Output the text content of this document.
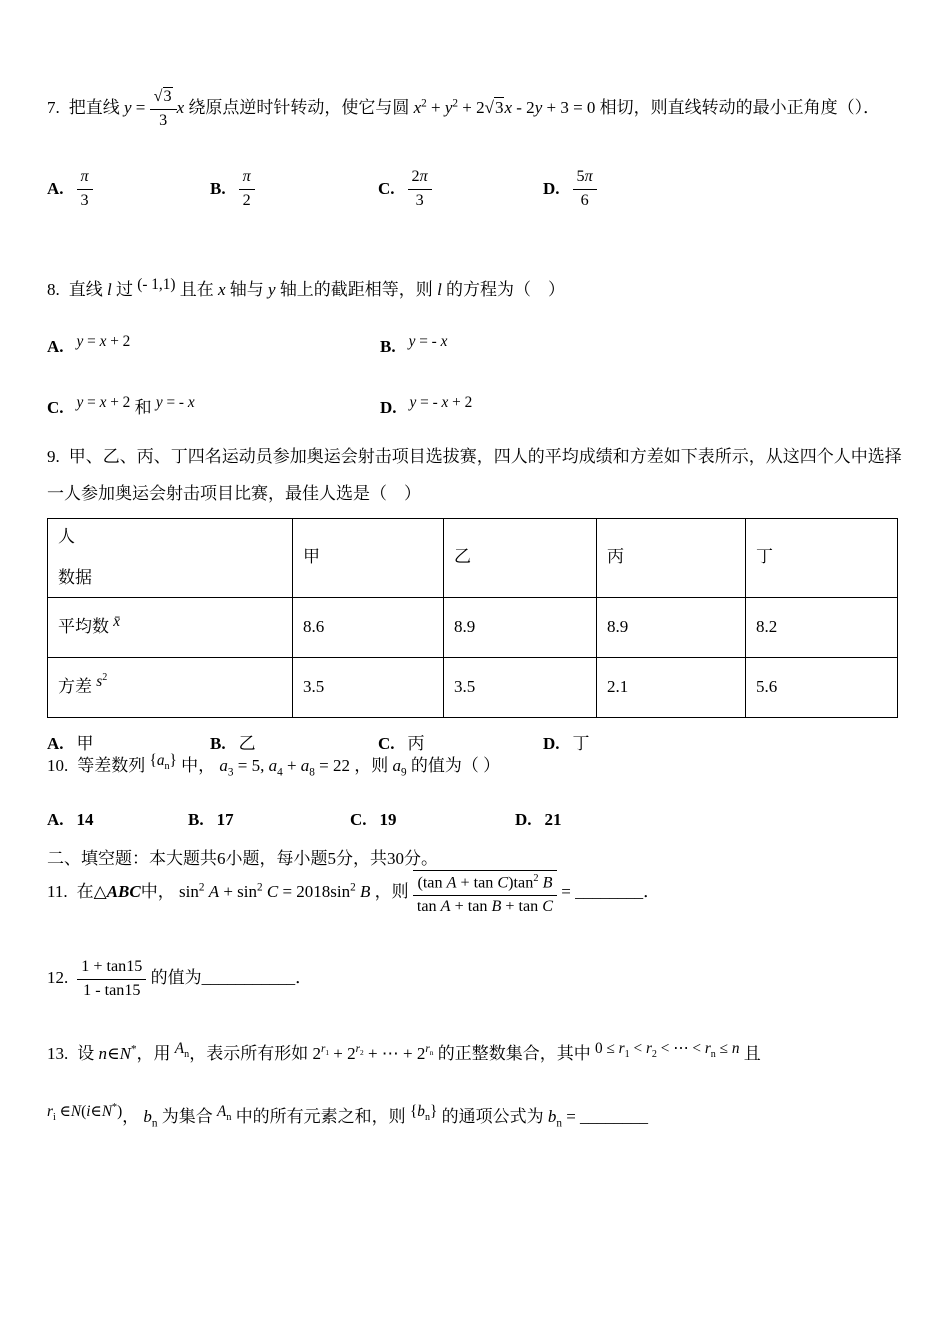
7. 把直线 $y = \frac{√3}{3}$ x 绕原点逆时针转动，使它与圆 $x^2 + y^2 + 2√3x - 2y + 3 = 0$ 相切，则直线转动的最小正角度（）．

A. $\frac{\pi}{3}$	B. $\frac{\pi}{2}$	C. $\frac{2\pi}{3}$	D. $\frac{5\pi}{6}$

8. 直线 l 过 (- 1,1) 且在 x 轴与 y 轴上的截距相等，则 l 的方程为（　）

A. y = x + 2	B. y = - x
C. y = x + 2 和 y = - x	D. y = - x + 2

9. 甲、乙、丙、丁四名运动员参加奥运会射击项目选拔赛，四人的平均成绩和方差如下表所示，从这四个人中选择一人参加奥运会射击项目比赛，最佳人选是（　）

人
数据	甲	乙	丙	丁
平均数 x̄	8.6	8.9	8.9	8.2
方差 $s^2$	3.5	3.5	2.1	5.6
A. 甲	B. 乙	C. 丙	D. 丁

10. 等差数列 $\{a_n\}$ 中， $a_3 = 5$, $a_4 + a_8 = 22$ ，则 $a_9$ 的值为（ ）

A. 14	B. 17	C. 19	D. 21
二、填空题：本大题共6小题，每小题5分，共30分。

11. 在△ABC中， $\sin^2 A + \sin^2 C = 2018\sin^2$ B ，则 $\frac{(\tan A + \tan C)\tan^2 B}{\text{tan A + tan B + tan C}}$ = ________．

12. $\frac{1 + \tan 15}{1 - \tan 15}$ 的值为___________．

13. 设 n∈N*，用 $A_n$，表示所有形如 $2^{r_1} + 2^{r_2}$ + ⋯ + $2^{r_n}$ 的正整数集合，其中 $0 \le r_1 < r_2$ < ⋯ < $r_n \le n$ 且

$r_i$ ∈N(i∈N*)， $b_n$ 为集合 $A_n$ 中的所有元素之和，则 $\{b_n\}$ 的通项公式为 $b_n$ = ________
